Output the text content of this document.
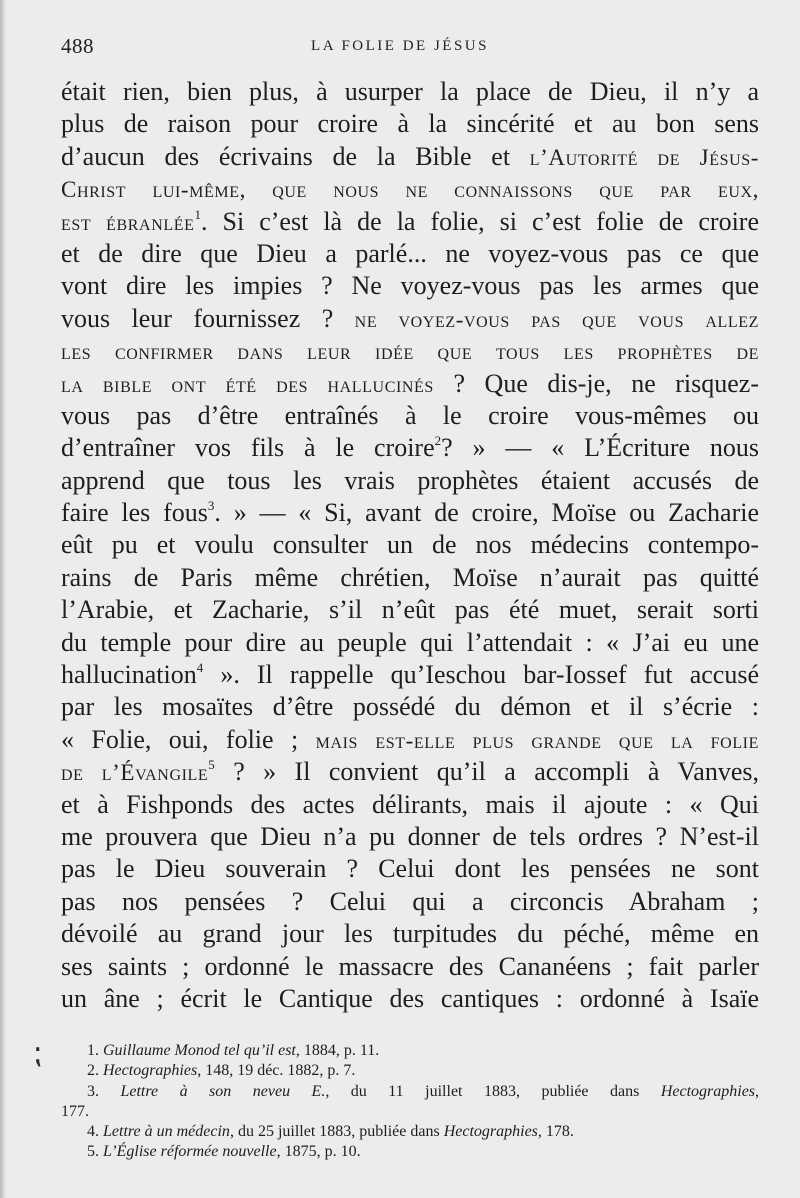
488	LA FOLIE DE JÉSUS
⁏
était rien, bien plus, à usurper la place de Dieu, il n’y a
plus de raison pour croire à la sincérité et au bon sens
d’aucun des écrivains de la Bible et l’Autorité de Jésus-
Christ lui-même, que nous ne connaissons que par eux,
est ébranlée$^1$. Si c’est là de la folie, si c’est folie de croire
et de dire que Dieu a parlé... ne voyez-vous pas ce que
vont dire les impies ? Ne voyez-vous pas les armes que
vous leur fournissez ? ne voyez-vous pas que vous allez
les confirmer dans leur idée que tous les prophètes de
la bible ont été des hallucinés ? Que dis-je, ne risquez-
vous pas d’être entraînés à le croire vous-mêmes ou
d’entraîner vos fils à le croire$^2$? » — « L’Écriture nous
apprend que tous les vrais prophètes étaient accusés de
faire les fous$^3$. » — « Si, avant de croire, Moïse ou Zacharie
eût pu et voulu consulter un de nos médecins contempo-
rains de Paris même chrétien, Moïse n’aurait pas quitté
l’Arabie, et Zacharie, s’il n’eût pas été muet, serait sorti
du temple pour dire au peuple qui l’attendait : « J’ai eu une
hallucination$^4$ ». Il rappelle qu’Ieschou bar-Iossef fut accusé
par les mosaïtes d’être possédé du démon et il s’écrie :
« Folie, oui, folie ; mais est-elle plus grande que la folie
de l’Évangile$^5$ ? » Il convient qu’il a accompli à Vanves,
et à Fishponds des actes délirants, mais il ajoute : « Qui
me prouvera que Dieu n’a pu donner de tels ordres ? N’est-il
pas le Dieu souverain ? Celui dont les pensées ne sont
pas nos pensées ? Celui qui a circoncis Abraham ;
dévoilé au grand jour les turpitudes du péché, même en
ses saints ; ordonné le massacre des Cananéens ; fait parler
un âne ; écrit le Cantique des cantiques : ordonné à Isaïe
1. Guillaume Monod tel qu’il est, 1884, p. 11.
2. Hectographies, 148, 19 déc. 1882, p. 7.
3. Lettre à son neveu E., du 11 juillet 1883, publiée dans Hectographies,
177.
4. Lettre à un médecin, du 25 juillet 1883, publiée dans Hectographies, 178.
5. L’Église réformée nouvelle, 1875, p. 10.
